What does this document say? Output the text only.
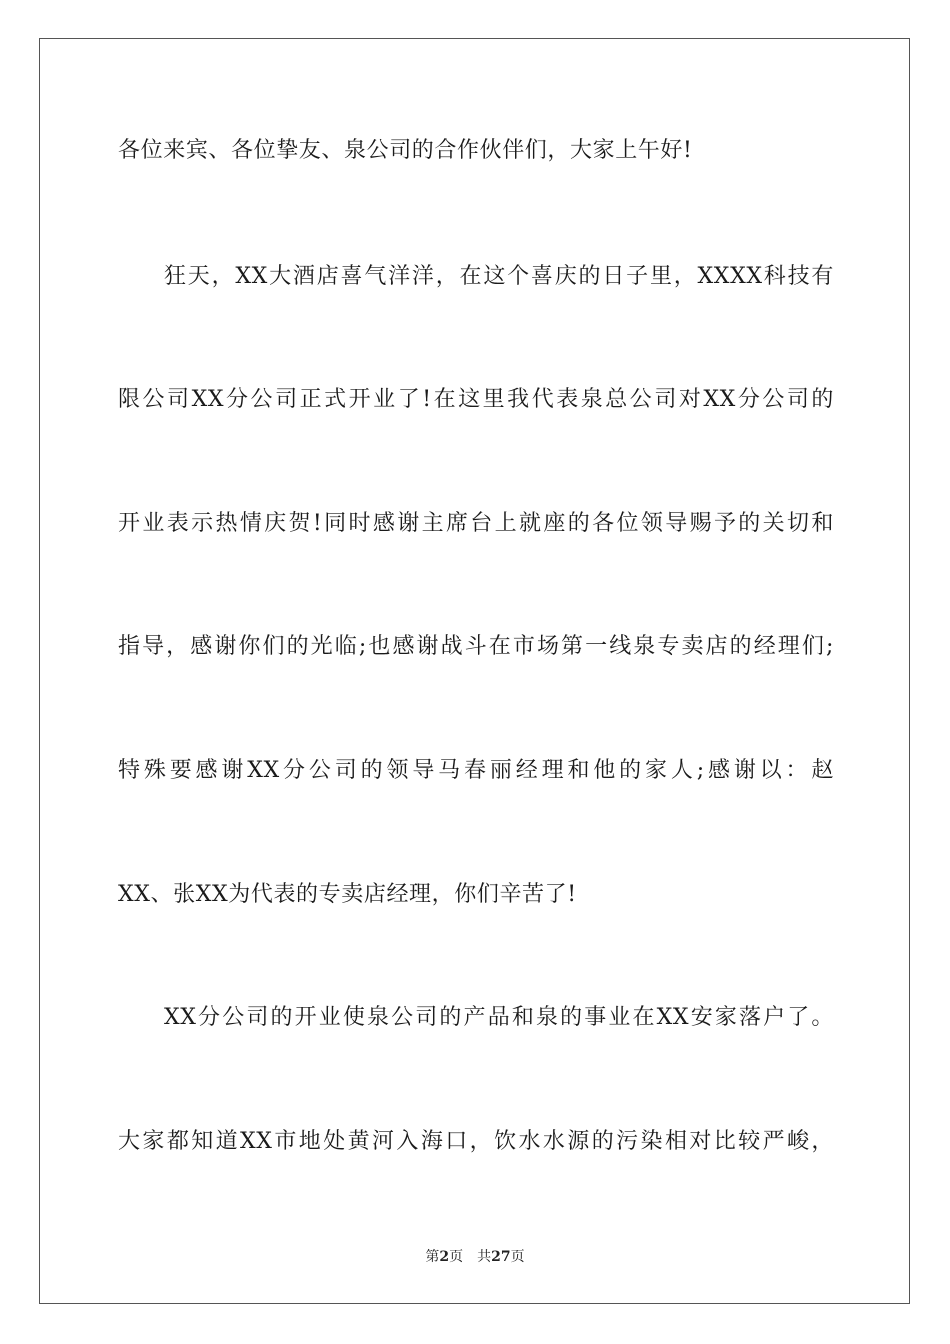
各位来宾、各位挚友、泉公司的合作伙伴们，大家上午好!
狂天，XX大酒店喜气洋洋，在这个喜庆的日子里，XXXX科技有
限公司XX分公司正式开业了!在这里我代表泉总公司对XX分公司的
开业表示热情庆贺!同时感谢主席台上就座的各位领导赐予的关切和
指导，感谢你们的光临;也感谢战斗在市场第一线泉专卖店的经理们;
特殊要感谢XX分公司的领导马春丽经理和他的家人;感谢以：赵
XX、张XX为代表的专卖店经理，你们辛苦了!
XX分公司的开业使泉公司的产品和泉的事业在XX安家落户了。
大家都知道XX市地处黄河入海口，饮水水源的污染相对比较严峻，
第2页 共27页
